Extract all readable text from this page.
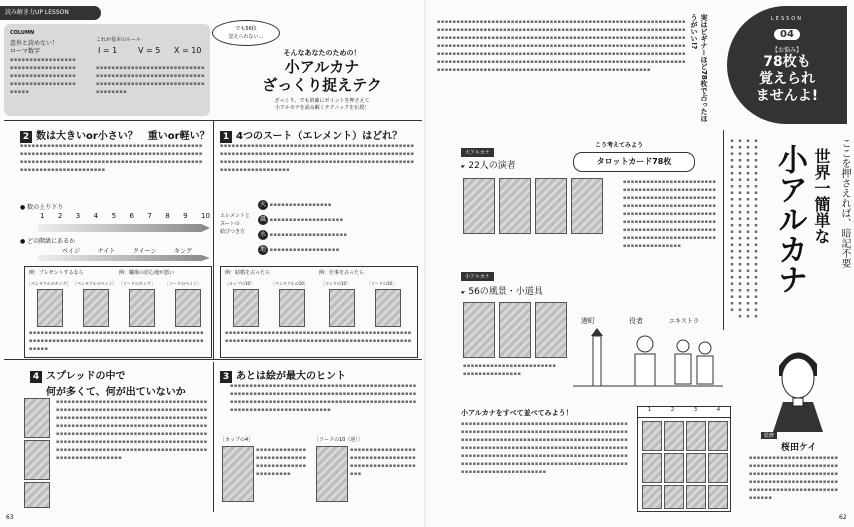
読み解き力UP LESSON
COLUMN
意外と読めない！
ローマ数字
▪▪▪▪▪▪▪▪▪▪▪▪▪▪▪▪▪▪▪▪▪▪▪▪▪▪▪▪▪▪▪▪▪▪▪▪▪▪▪▪▪▪▪▪▪▪▪▪▪▪▪▪▪▪▪▪▪▪▪▪▪▪▪▪▪▪▪▪▪▪▪▪▪
これが基本のルール
I = 1	V = 5 X = 10
▪▪▪▪▪▪▪▪▪▪▪▪▪▪▪▪▪▪▪▪▪▪▪▪▪▪▪▪▪▪▪▪▪▪▪▪▪▪▪▪▪▪▪▪▪▪▪▪▪▪▪▪▪▪▪▪▪▪▪▪▪▪▪▪▪▪▪▪▪▪▪▪▪▪▪▪▪▪▪▪▪▪▪▪▪▪▪▪▪▪▪▪
でも56枚
覚えられない…
そんなあなたのための！
小アルカナ
ざっくり捉えテク
ざっくり、でも的確にポイントを押さえて
小アルカナを読み解くテクニックを伝授！
2 数は大きいor小さい？　重いor軽い？
▪▪▪▪▪▪▪▪▪▪▪▪▪▪▪▪▪▪▪▪▪▪▪▪▪▪▪▪▪▪▪▪▪▪▪▪▪▪▪▪▪▪▪▪▪▪▪▪▪▪▪▪▪▪▪▪▪▪▪▪▪▪▪▪▪▪▪▪▪▪▪▪▪▪▪▪▪▪▪▪▪▪▪▪▪▪▪▪▪▪▪▪▪▪▪▪▪▪▪▪▪▪▪▪▪▪▪▪▪▪▪▪▪▪▪▪▪▪▪▪▪▪▪▪▪▪▪▪▪▪▪▪▪▪▪▪▪▪▪▪▪▪▪▪▪▪▪▪▪▪▪▪▪▪▪▪▪▪▪▪▪▪▪
● 数の上り下り
1 2 3 4 5 6 7 8 9 10
● どの階級にあるか
ペイジ	ナイト	クイーン	キング
例：プレゼントするなら	例：職場の居心地が悪い
［ペンタクルのキング］ ［ペンタクルのペイジ］ ［ソードのキング］ ［ソードのペイジ］
▪▪▪▪▪▪▪▪▪▪▪▪▪▪▪▪▪▪▪▪▪▪▪▪▪▪▪▪▪▪▪▪▪▪▪▪▪▪▪▪▪▪▪▪▪▪▪▪▪▪▪▪▪▪▪▪▪▪▪▪▪▪▪▪▪▪▪▪▪▪▪▪▪▪▪▪▪▪▪▪▪▪▪▪▪▪▪▪▪▪▪▪▪▪▪
1 4つのスート（エレメント）はどれ？
▪▪▪▪▪▪▪▪▪▪▪▪▪▪▪▪▪▪▪▪▪▪▪▪▪▪▪▪▪▪▪▪▪▪▪▪▪▪▪▪▪▪▪▪▪▪▪▪▪▪▪▪▪▪▪▪▪▪▪▪▪▪▪▪▪▪▪▪▪▪▪▪▪▪▪▪▪▪▪▪▪▪▪▪▪▪▪▪▪▪▪▪▪▪▪▪▪▪▪▪▪▪▪▪▪▪▪▪▪▪▪▪▪▪▪▪▪▪▪▪▪▪▪▪▪▪▪▪▪▪▪▪▪▪▪▪▪▪▪▪▪▪▪▪▪▪▪▪▪▪▪▪▪▪▪▪▪▪▪▪▪▪▪▪▪▪▪▪
エレメントと
スートの
結びつき方
火 ▪▪▪▪▪▪▪▪▪▪▪▪▪▪▪▪
風 ▪▪▪▪▪▪▪▪▪▪▪▪▪▪▪▪▪▪▪
水 ▪▪▪▪▪▪▪▪▪▪▪▪▪▪▪▪▪▪▪▪
地 ▪▪▪▪▪▪▪▪▪▪▪▪▪▪▪▪▪▪
例：結婚を占ったら	例：仕事を占ったら
［カップの10］	［ペンタクルの10］	［ワンドの10］	［ソードの10］
▪▪▪▪▪▪▪▪▪▪▪▪▪▪▪▪▪▪▪▪▪▪▪▪▪▪▪▪▪▪▪▪▪▪▪▪▪▪▪▪▪▪▪▪▪▪▪▪▪▪▪▪▪▪▪▪▪▪▪▪▪▪▪▪▪▪▪▪▪▪▪▪▪▪▪▪▪▪▪▪▪▪▪▪▪▪▪▪▪▪▪▪▪▪▪▪
4 スプレッドの中で
何が多くて、何が出ていないか
▪▪▪▪▪▪▪▪▪▪▪▪▪▪▪▪▪▪▪▪▪▪▪▪▪▪▪▪▪▪▪▪▪▪▪▪▪▪▪▪▪▪▪▪▪▪▪▪▪▪▪▪▪▪▪▪▪▪▪▪▪▪▪▪▪▪▪▪▪▪▪▪▪▪▪▪▪▪▪▪▪▪▪▪▪▪▪▪▪▪▪▪▪▪▪▪▪▪▪▪▪▪▪▪▪▪▪▪▪▪▪▪▪▪▪▪▪▪▪▪▪▪▪▪▪▪▪▪▪▪▪▪▪▪▪▪▪▪▪▪▪▪▪▪▪▪▪▪▪▪▪▪▪▪▪▪▪▪▪▪▪▪▪▪▪▪▪▪▪▪▪▪▪▪▪▪▪▪▪▪▪▪▪▪▪▪▪▪▪▪▪▪▪▪▪▪▪▪▪▪▪▪▪▪▪▪▪▪▪▪▪▪▪▪▪▪▪▪▪▪▪▪▪▪▪▪▪▪▪▪▪▪▪▪▪▪▪▪▪▪▪▪▪▪▪▪▪▪▪▪▪▪▪▪▪▪▪▪▪▪▪▪▪▪▪▪▪▪▪▪▪▪▪▪▪▪▪▪▪▪▪▪▪▪▪▪▪▪▪▪
3 あとは絵が最大のヒント
▪▪▪▪▪▪▪▪▪▪▪▪▪▪▪▪▪▪▪▪▪▪▪▪▪▪▪▪▪▪▪▪▪▪▪▪▪▪▪▪▪▪▪▪▪▪▪▪▪▪▪▪▪▪▪▪▪▪▪▪▪▪▪▪▪▪▪▪▪▪▪▪▪▪▪▪▪▪▪▪▪▪▪▪▪▪▪▪▪▪▪▪▪▪▪▪▪▪▪▪▪▪▪▪▪▪▪▪▪▪▪▪▪▪▪▪▪▪▪▪▪▪▪▪▪▪▪▪▪▪▪▪▪▪▪▪▪▪▪▪▪▪▪▪▪▪▪▪▪▪▪▪▪▪▪▪▪▪▪▪▪▪▪▪▪▪▪▪▪▪
［カップの4］	［ソードの10（逆）］
▪▪▪▪▪▪▪▪▪▪▪▪▪▪▪▪▪▪▪▪▪▪▪▪▪▪▪▪▪▪▪▪▪▪▪▪▪▪▪▪▪▪▪▪▪▪▪▪
▪▪▪▪▪▪▪▪▪▪▪▪▪▪▪▪▪▪▪▪▪▪▪▪▪▪▪▪▪▪▪▪▪▪▪▪▪▪▪▪▪▪▪▪▪▪▪▪▪▪▪▪▪▪
63
▪▪▪▪▪▪▪▪▪▪▪▪▪▪▪▪▪▪▪▪▪▪▪▪▪▪▪▪▪▪▪▪▪▪▪▪▪▪▪▪▪▪▪▪▪▪▪▪▪▪▪▪▪▪▪▪▪▪▪▪▪▪▪▪▪▪▪▪▪▪▪▪▪▪▪▪▪▪▪▪▪▪▪▪▪▪▪▪▪▪▪▪▪▪▪▪▪▪▪▪▪▪▪▪▪▪▪▪▪▪▪▪▪▪▪▪▪▪▪▪▪▪▪▪▪▪▪▪▪▪▪▪▪▪▪▪▪▪▪▪▪▪▪▪▪▪▪▪▪▪▪▪▪▪▪▪▪▪▪▪▪▪▪▪▪▪▪▪▪▪▪▪▪▪▪▪▪▪▪▪▪▪▪▪▪▪▪▪▪▪▪▪▪▪▪▪▪▪▪▪▪▪▪▪▪▪▪▪▪▪▪▪▪▪▪▪▪▪▪▪▪▪▪▪▪▪▪▪▪▪▪▪▪▪▪▪▪▪▪▪▪▪▪▪▪▪▪▪▪▪▪▪▪▪▪▪▪▪▪▪▪▪▪▪▪▪▪▪▪▪▪▪▪▪▪▪▪▪▪▪▪▪▪▪▪▪▪▪▪▪▪▪▪▪▪▪▪▪▪▪▪▪▪▪▪▪▪▪▪▪▪▪▪▪▪▪▪▪▪▪▪▪▪▪▪▪▪▪▪▪▪▪▪▪▪▪▪▪▪▪▪▪▪▪▪▪▪▪▪▪▪▪▪▪▪▪▪▪▪▪▪▪▪▪▪▪▪▪▪▪▪▪▪▪▪▪▪▪▪▪▪▪▪▪▪▪▪▪▪▪▪▪▪▪▪▪▪▪▪▪▪▪▪▪▪▪▪▪▪▪▪▪▪▪▪▪▪▪▪▪▪▪▪▪▪▪▪▪▪▪▪▪▪▪▪▪▪▪▪	実はビギナーほど78枚で占ったほうがいい!?	LESSON
04
【お悩み】
78枚も
覚えられ
ませんよ!
ここを押さえれば、暗記不要
世界一簡単な
小アルカナ
▪▪▪▪▪▪▪▪▪▪▪▪▪▪▪▪▪▪▪▪▪▪▪▪▪▪▪▪▪▪▪▪▪▪▪▪▪▪▪▪▪▪▪▪▪▪▪▪▪▪▪▪▪▪▪▪▪▪▪▪▪▪▪▪▪▪▪▪▪▪▪▪▪▪▪▪▪▪▪▪▪▪▪▪▪▪▪▪▪▪▪▪▪▪▪▪▪▪▪▪▪▪▪▪▪▪▪▪▪▪▪
こう考えてみよう
タロットカード78枚
大アルカナ
☛ 22人の演者
小アルカナ
☛ 56の風景・小道具
▪▪▪▪▪▪▪▪▪▪▪▪▪▪▪▪▪▪▪▪▪▪▪▪▪▪▪▪▪▪▪▪▪▪▪▪▪▪▪
▪▪▪▪▪▪▪▪▪▪▪▪▪▪▪▪▪▪▪▪▪▪▪▪▪▪▪▪▪▪▪▪▪▪▪▪▪▪▪▪▪▪▪▪▪▪▪▪▪▪▪▪▪▪▪▪▪▪▪▪▪▪▪▪▪▪▪▪▪▪▪▪▪▪▪▪▪▪▪▪▪▪▪▪▪▪▪▪▪▪▪▪▪▪▪▪▪▪▪▪▪▪▪▪▪▪▪▪▪▪▪▪▪▪▪▪▪▪▪▪▪▪▪▪▪▪▪▪▪▪▪▪▪▪▪▪▪▪▪▪▪▪▪▪▪▪▪▪▪▪▪▪▪▪▪▪▪▪▪▪▪▪▪▪▪▪▪▪▪▪▪▪▪▪▪▪▪▪▪▪▪▪▪▪▪▪▪▪▪▪▪▪▪▪▪▪▪▪▪▪▪▪▪▪▪▪▪
港町	役者	エキストラ
小アルカナをすべて並べてみよう！
▪▪▪▪▪▪▪▪▪▪▪▪▪▪▪▪▪▪▪▪▪▪▪▪▪▪▪▪▪▪▪▪▪▪▪▪▪▪▪▪▪▪▪▪▪▪▪▪▪▪▪▪▪▪▪▪▪▪▪▪▪▪▪▪▪▪▪▪▪▪▪▪▪▪▪▪▪▪▪▪▪▪▪▪▪▪▪▪▪▪▪▪▪▪▪▪▪▪▪▪▪▪▪▪▪▪▪▪▪▪▪▪▪▪▪▪▪▪▪▪▪▪▪▪▪▪▪▪▪▪▪▪▪▪▪▪▪▪▪▪▪▪▪▪▪▪▪▪▪▪▪▪▪▪▪▪▪▪▪▪▪▪▪▪▪▪▪▪▪▪▪▪▪▪▪▪▪▪▪▪▪▪▪▪▪▪▪▪▪▪▪▪▪▪▪▪▪▪▪▪▪▪▪▪▪▪▪▪▪▪▪▪▪▪▪▪▪▪▪▪▪▪▪▪▪▪▪▪▪▪▪▪▪▪▪▪▪▪▪▪▪▪▪▪▪▪▪▪▪▪▪▪▪▪▪▪▪▪▪▪▪▪▪▪▪▪▪▪▪▪▪▪▪▪▪▪▪▪▪▪
1	2	3	4
監修
桜田ケイ
▪▪▪▪▪▪▪▪▪▪▪▪▪▪▪▪▪▪▪▪▪▪▪▪▪▪▪▪▪▪▪▪▪▪▪▪▪▪▪▪▪▪▪▪▪▪▪▪▪▪▪▪▪▪▪▪▪▪▪▪▪▪▪▪▪▪▪▪▪▪▪▪▪▪▪▪▪▪▪▪▪▪▪▪▪▪▪▪▪▪▪▪▪▪▪▪▪▪▪▪▪▪▪▪▪▪▪▪▪▪▪▪▪▪▪▪▪▪▪▪▪
62
